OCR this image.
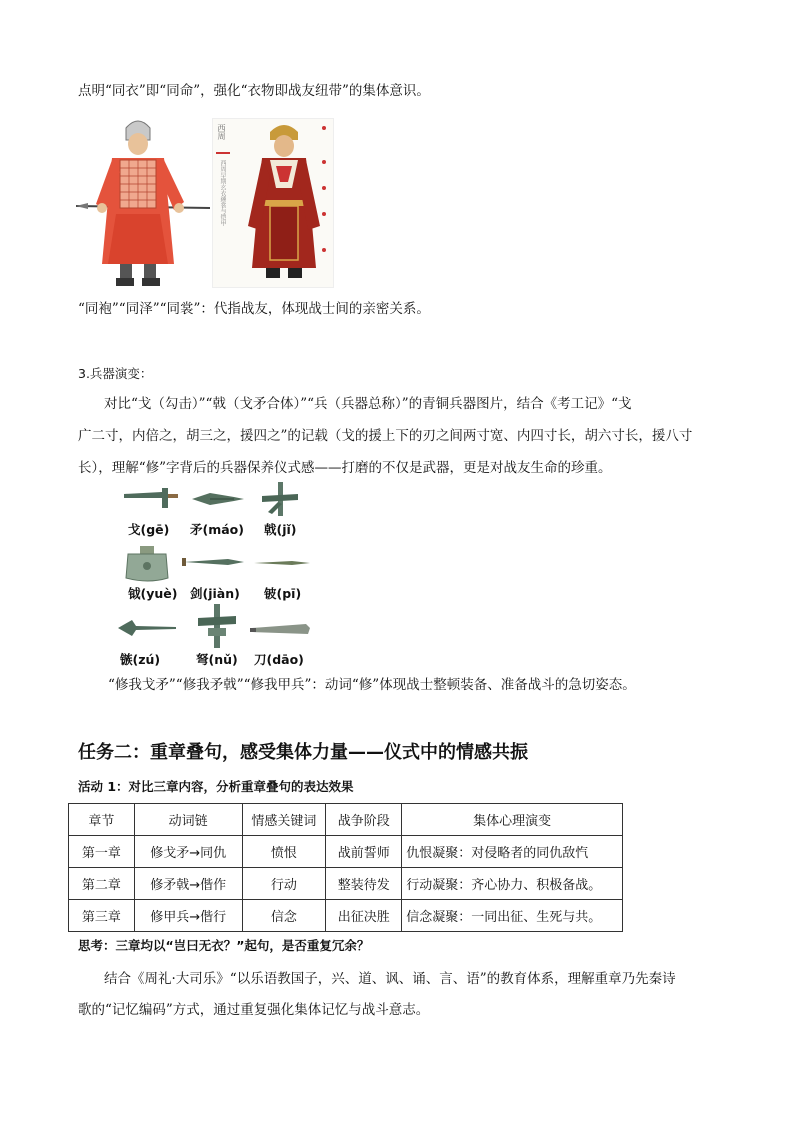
点明“同衣”即“同命”，强化“衣物即战友纽带”的集体意识。
西周
西周早期玄衣纁裳与铠甲
“同袍”“同泽”“同裳”：代指战友，体现战士间的亲密关系。
3.兵器演变：
对比“戈（勾击）”“戟（戈矛合体）”“兵（兵器总称）”的青铜兵器图片，结合《考工记》“戈
广二寸，内倍之，胡三之，援四之”的记载（戈的援上下的刃之间两寸宽、内四寸长，胡六寸长，援八寸
长），理解“修”字背后的兵器保养仪式感——打磨的不仅是武器，更是对战友生命的珍重。
戈(gē) 矛(máo) 戟(jǐ)
钺(yuè) 剑(jiàn) 铍(pī)
镞(zú)	弩(nǔ) 刀(dāo)
“修我戈矛”“修我矛戟”“修我甲兵”：动词“修”体现战士整顿装备、准备战斗的急切姿态。
任务二：重章叠句，感受集体力量——仪式中的情感共振
活动 1：对比三章内容，分析重章叠句的表达效果
章节	动词链	情感关键词	战争阶段	集体心理演变
第一章	修戈矛→同仇	愤恨	战前誓师	仇恨凝聚：对侵略者的同仇敌忾
第二章	修矛戟→偕作	行动	整装待发	行动凝聚：齐心协力、积极备战。
第三章	修甲兵→偕行	信念	出征决胜	信念凝聚：一同出征、生死与共。
思考：三章均以“岂曰无衣？”起句，是否重复冗余？
结合《周礼·大司乐》“以乐语教国子，兴、道、讽、诵、言、语”的教育体系，理解重章乃先秦诗
歌的“记忆编码”方式，通过重复强化集体记忆与战斗意志。
